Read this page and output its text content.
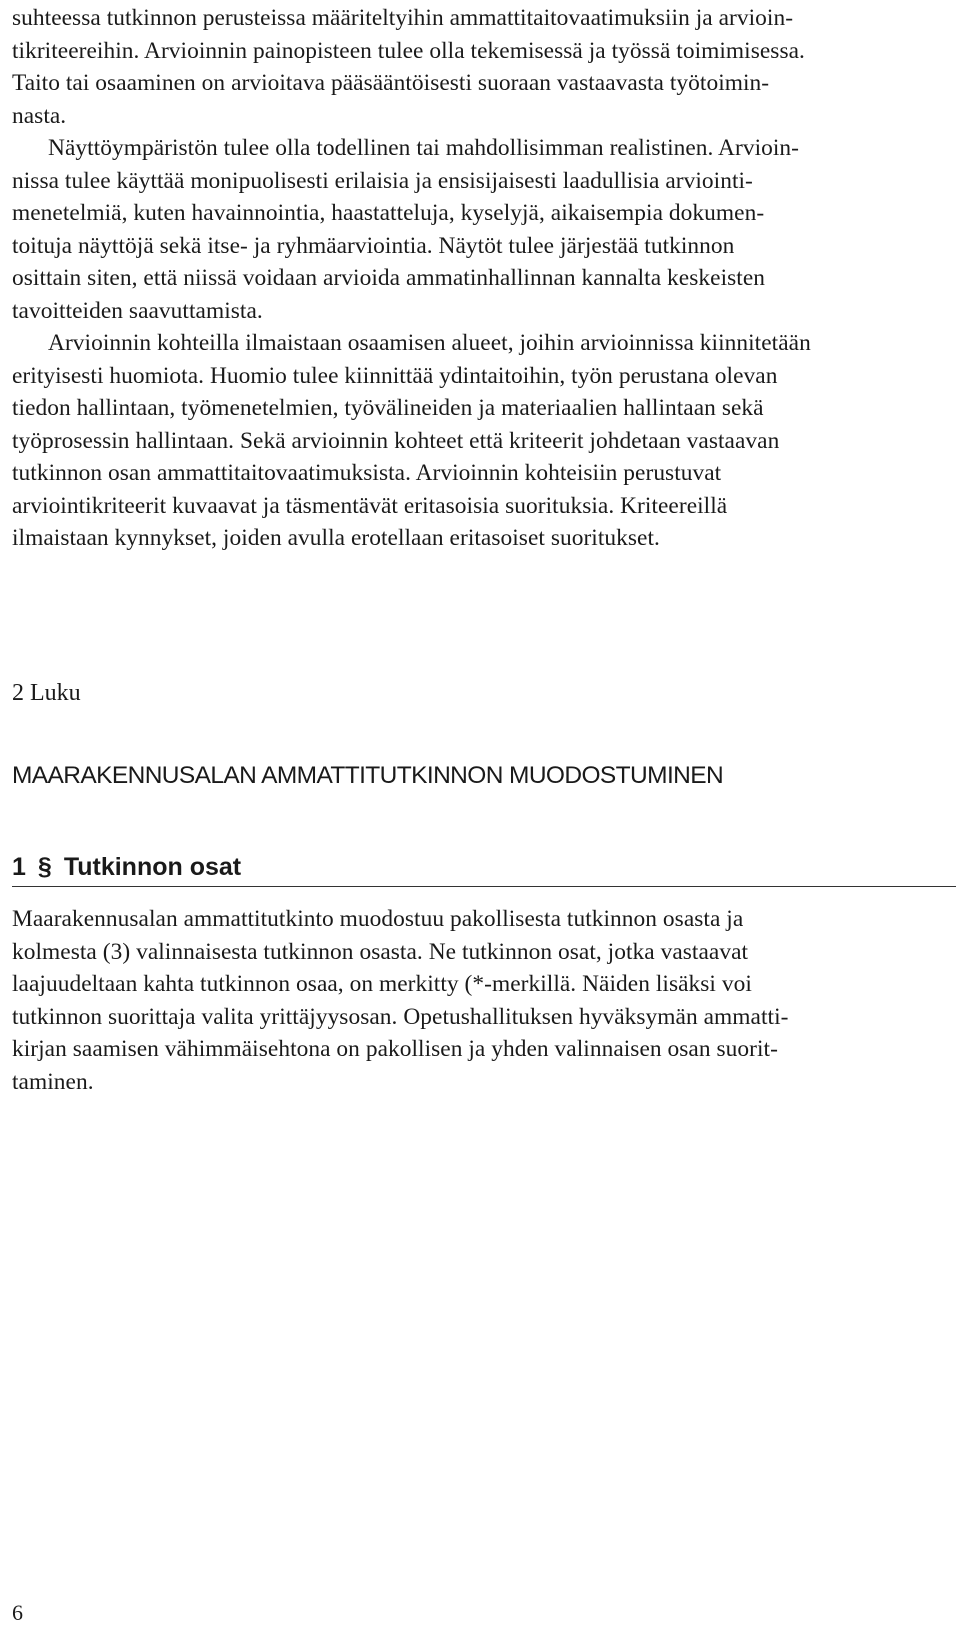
suhteessa tutkinnon perusteissa määriteltyihin ammattitaitovaatimuksiin ja arvioin-
tikriteereihin. Arvioinnin painopisteen tulee olla tekemisessä ja työssä toimimisessa.
Taito tai osaaminen on arvioitava pääsääntöisesti suoraan vastaavasta työtoimin-
nasta.

Näyttöympäristön tulee olla todellinen tai mahdollisimman realistinen. Arvioin-
nissa tulee käyttää monipuolisesti erilaisia ja ensisijaisesti laadullisia arviointi-
menetelmiä, kuten havainnointia, haastatteluja, kyselyjä, aikaisempia dokumen-
toituja näyttöjä sekä itse- ja ryhmäarviointia. Näytöt tulee järjestää tutkinnon
osittain siten, että niissä voidaan arvioida ammatinhallinnan kannalta keskeisten
tavoitteiden saavuttamista.

Arvioinnin kohteilla ilmaistaan osaamisen alueet, joihin arvioinnissa kiinnitetään
erityisesti huomiota. Huomio tulee kiinnittää ydintaitoihin, työn perustana olevan
tiedon hallintaan, työmenetelmien, työvälineiden ja materiaalien hallintaan sekä
työprosessin hallintaan. Sekä arvioinnin kohteet että kriteerit johdetaan vastaavan
tutkinnon osan ammattitaitovaatimuksista. Arvioinnin kohteisiin perustuvat
arviointikriteerit kuvaavat ja täsmentävät eritasoisia suorituksia. Kriteereillä
ilmaistaan kynnykset, joiden avulla erotellaan eritasoiset suoritukset.

2 Luku
MAARAKENNUSALAN AMMATTITUTKINNON MUODOSTUMINEN
1 § Tutkinnon osat

Maarakennusalan ammattitutkinto muodostuu pakollisesta tutkinnon osasta ja
kolmesta (3) valinnaisesta tutkinnon osasta. Ne tutkinnon osat, jotka vastaavat
laajuudeltaan kahta tutkinnon osaa, on merkitty (*-merkillä. Näiden lisäksi voi
tutkinnon suorittaja valita yrittäjyysosan. Opetushallituksen hyväksymän ammatti-
kirjan saamisen vähimmäisehtona on pakollisen ja yhden valinnaisen osan suorit-
taminen.

6
